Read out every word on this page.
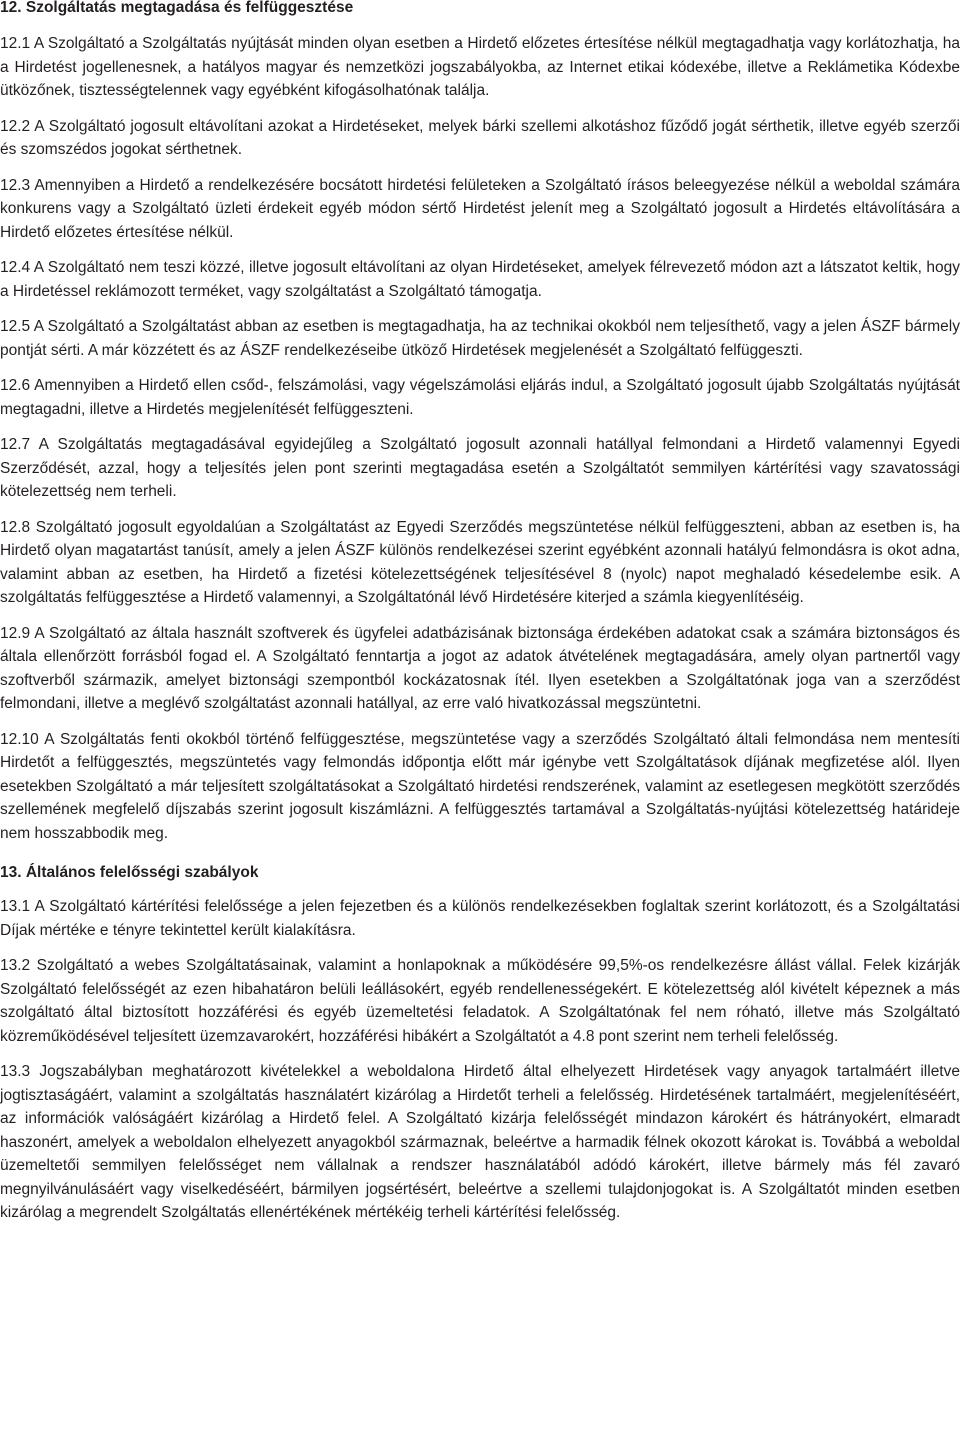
12. Szolgáltatás megtagadása és felfüggesztése

12.1 A Szolgáltató a Szolgáltatás nyújtását minden olyan esetben a Hirdető előzetes értesítése nélkül megtagadhatja vagy korlátozhatja, ha a Hirdetést jogellenesnek, a hatályos magyar és nemzetközi jogszabályokba, az Internet etikai kódexébe, illetve a Reklámetika Kódexbe ütközőnek, tisztességtelennek vagy egyébként kifogásolhatónak találja.

12.2 A Szolgáltató jogosult eltávolítani azokat a Hirdetéseket, melyek bárki szellemi alkotáshoz fűződő jogát sérthetik, illetve egyéb szerzői és szomszédos jogokat sérthetnek.

12.3 Amennyiben a Hirdető a rendelkezésére bocsátott hirdetési felületeken a Szolgáltató írásos beleegyezése nélkül a weboldal számára konkurens vagy a Szolgáltató üzleti érdekeit egyéb módon sértő Hirdetést jelenít meg a Szolgáltató jogosult a Hirdetés eltávolítására a Hirdető előzetes értesítése nélkül.

12.4 A Szolgáltató nem teszi közzé, illetve jogosult eltávolítani az olyan Hirdetéseket, amelyek félrevezető módon azt a látszatot keltik, hogy a Hirdetéssel reklámozott terméket, vagy szolgáltatást a Szolgáltató támogatja.

12.5 A Szolgáltató a Szolgáltatást abban az esetben is megtagadhatja, ha az technikai okokból nem teljesíthető, vagy a jelen ÁSZF bármely pontját sérti. A már közzétett és az ÁSZF rendelkezéseibe ütköző Hirdetések megjelenését a Szolgáltató felfüggeszti.

12.6 Amennyiben a Hirdető ellen csőd-, felszámolási, vagy végelszámolási eljárás indul, a Szolgáltató jogosult újabb Szolgáltatás nyújtását megtagadni, illetve a Hirdetés megjelenítését felfüggeszteni.

12.7 A Szolgáltatás megtagadásával egyidejűleg a Szolgáltató jogosult azonnali hatállyal felmondani a Hirdető valamennyi Egyedi Szerződését, azzal, hogy a teljesítés jelen pont szerinti megtagadása esetén a Szolgáltatót semmilyen kártérítési vagy szavatossági kötelezettség nem terheli.

12.8 Szolgáltató jogosult egyoldalúan a Szolgáltatást az Egyedi Szerződés megszüntetése nélkül felfüggeszteni, abban az esetben is, ha Hirdető olyan magatartást tanúsít, amely a jelen ÁSZF különös rendelkezései szerint egyébként azonnali hatályú felmondásra is okot adna, valamint abban az esetben, ha Hirdető a fizetési kötelezettségének teljesítésével 8 (nyolc) napot meghaladó késedelembe esik. A szolgáltatás felfüggesztése a Hirdető valamennyi, a Szolgáltatónál lévő Hirdetésére kiterjed a számla kiegyenlítéséig.

12.9 A Szolgáltató az általa használt szoftverek és ügyfelei adatbázisának biztonsága érdekében adatokat csak a számára biztonságos és általa ellenőrzött forrásból fogad el. A Szolgáltató fenntartja a jogot az adatok átvételének megtagadására, amely olyan partnertől vagy szoftverből származik, amelyet biztonsági szempontból kockázatosnak ítél. Ilyen esetekben a Szolgáltatónak joga van a szerződést felmondani, illetve a meglévő szolgáltatást azonnali hatállyal, az erre való hivatkozással megszüntetni.

12.10 A Szolgáltatás fenti okokból történő felfüggesztése, megszüntetése vagy a szerződés Szolgáltató általi felmondása nem mentesíti Hirdetőt a felfüggesztés, megszüntetés vagy felmondás időpontja előtt már igénybe vett Szolgáltatások díjának megfizetése alól. Ilyen esetekben Szolgáltató a már teljesített szolgáltatásokat a Szolgáltató hirdetési rendszerének, valamint az esetlegesen megkötött szerződés szellemének megfelelő díjszabás szerint jogosult kiszámlázni. A felfüggesztés tartamával a Szolgáltatás-nyújtási kötelezettség határideje nem hosszabbodik meg.

13. Általános felelősségi szabályok

13.1 A Szolgáltató kártérítési felelőssége a jelen fejezetben és a különös rendelkezésekben foglaltak szerint korlátozott, és a Szolgáltatási Díjak mértéke e tényre tekintettel került kialakításra.

13.2 Szolgáltató a webes Szolgáltatásainak, valamint a honlapoknak a működésére 99,5%-os rendelkezésre állást vállal. Felek kizárják Szolgáltató felelősségét az ezen hibahatáron belüli leállásokért, egyéb rendellenességekért. E kötelezettség alól kivételt képeznek a más szolgáltató által biztosított hozzáférési és egyéb üzemeltetési feladatok. A Szolgáltatónak fel nem róható, illetve más Szolgáltató közreműködésével teljesített üzemzavarokért, hozzáférési hibákért a Szolgáltatót a 4.8 pont szerint nem terheli felelősség.

13.3 Jogszabályban meghatározott kivételekkel a weboldalona Hirdető által elhelyezett Hirdetések vagy anyagok tartalmáért illetve jogtisztaságáért, valamint a szolgáltatás használatért kizárólag a Hirdetőt terheli a felelősség. Hirdetésének tartalmáért, megjelenítéséért, az információk valóságáért kizárólag a Hirdető felel. A Szolgáltató kizárja felelősségét mindazon károkért és hátrányokért, elmaradt haszonért, amelyek a weboldalon elhelyezett anyagokból származnak, beleértve a harmadik félnek okozott károkat is. Továbbá a weboldal üzemeltetői semmilyen felelősséget nem vállalnak a rendszer használatából adódó károkért, illetve bármely más fél zavaró megnyilvánulásáért vagy viselkedéséért, bármilyen jogsértésért, beleértve a szellemi tulajdonjogokat is. A Szolgáltatót minden esetben kizárólag a megrendelt Szolgáltatás ellenértékének mértékéig terheli kártérítési felelősség.
